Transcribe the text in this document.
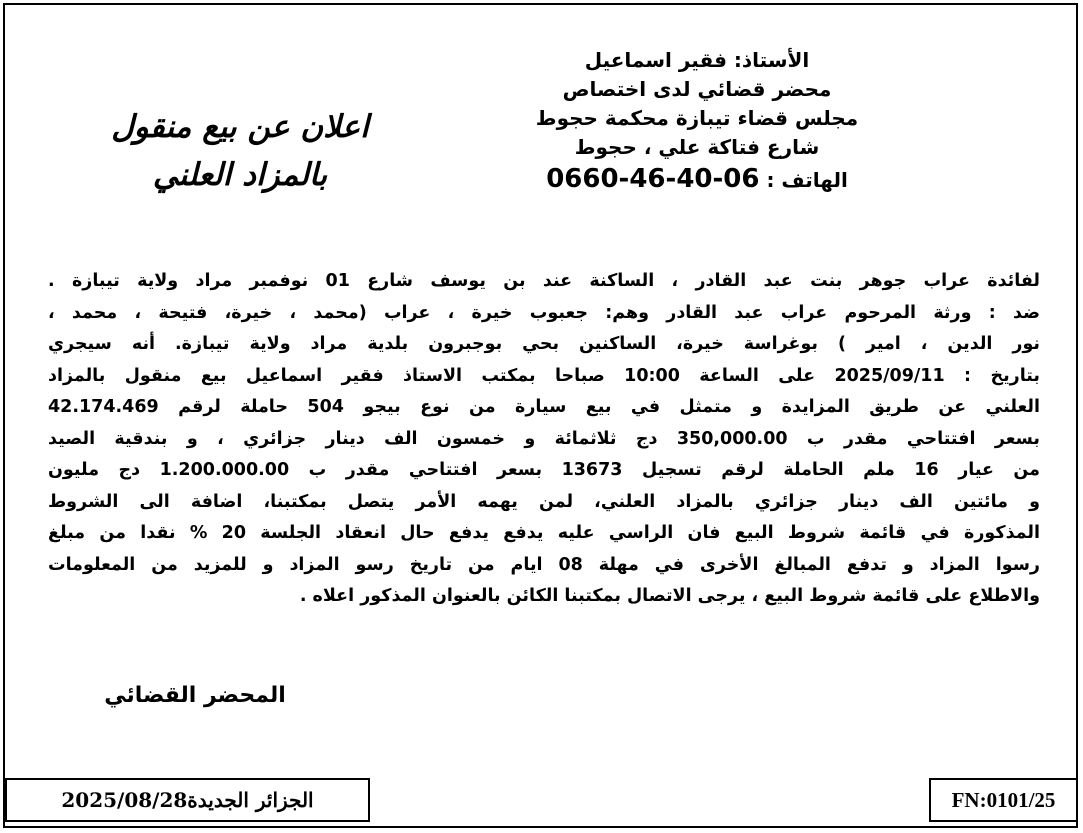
الأستاذ: فقير اسماعيل
محضر قضائي لدى اختصاص
مجلس قضاء تيبازة محكمة حجوط
شارع فتاكة علي ، حجوط
الهاتف : 0660-46-40-06
اعلان عن بيع منقول
بالمزاد العلني
لفائدة عراب جوهر بنت عبد القادر ، الساكنة عند بن يوسف شارع 01 نوفمبر مراد ولاية تيبازة .
ضد : ورثة المرحوم عراب عبد القادر وهم: جعبوب خيرة ، عراب (محمد ، خيرة، فتيحة ، محمد ،
نور الدين ، امير ) بوغراسة خيرة، الساكنين بحي بوجبرون بلدية مراد ولاية تيبازة. أنه سيجري
بتاريخ : 2025/09/11 على الساعة 10:00 صباحا بمكتب الاستاذ فقير اسماعيل بيع منقول بالمزاد
العلني عن طريق المزايدة و متمثل في بيع سيارة من نوع بيجو 504 حاملة لرقم 42.174.469
بسعر افتتاحي مقدر ب 350,000.00 دج ثلاثمائة و خمسون الف دينار جزائري ، و بندقية الصيد
من عيار 16 ملم الحاملة لرقم تسجيل 13673 بسعر افتتاحي مقدر ب 1.200.000.00 دج مليون
و مائتين الف دينار جزائري بالمزاد العلني، لمن يهمه الأمر يتصل بمكتبنا، اضافة الى الشروط
المذكورة في قائمة شروط البيع فان الراسي عليه يدفع يدفع حال انعقاد الجلسة 20 % نقدا من مبلغ
رسوا المزاد و تدفع المبالغ الأخرى في مهلة 08 ايام من تاريخ رسو المزاد و للمزيد من المعلومات
والاطلاع على قائمة شروط البيع ، يرجى الاتصال بمكتبنا الكائن بالعنوان المذكور اعلاه .
المحضر القضائي
2025/08/28 الجزائر الجديدة	FN:0101/25
